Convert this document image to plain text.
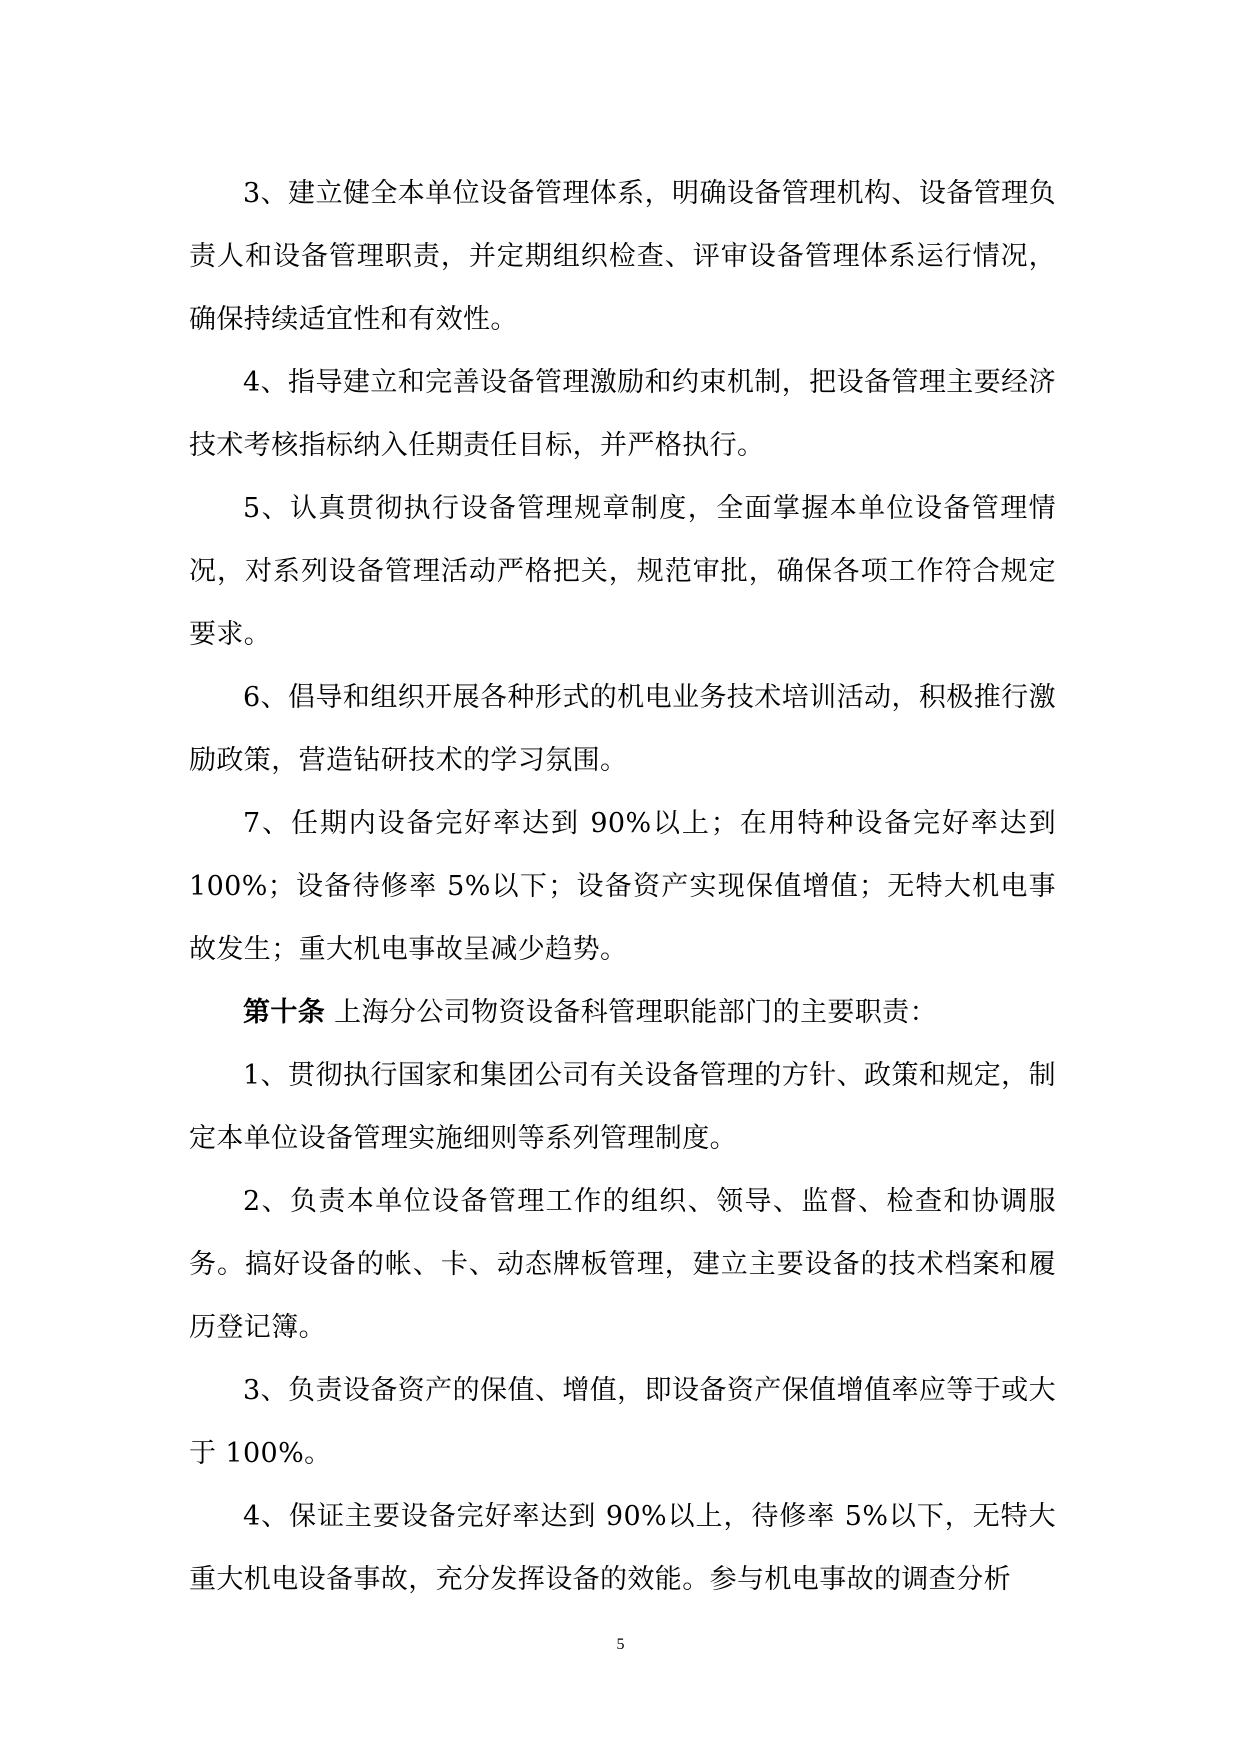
3、建立健全本单位设备管理体系，明确设备管理机构、设备管理负责人和设备管理职责，并定期组织检查、评审设备管理体系运行情况，确保持续适宜性和有效性。

4、指导建立和完善设备管理激励和约束机制，把设备管理主要经济技术考核指标纳入任期责任目标，并严格执行。

5、认真贯彻执行设备管理规章制度，全面掌握本单位设备管理情况，对系列设备管理活动严格把关，规范审批，确保各项工作符合规定要求。

6、倡导和组织开展各种形式的机电业务技术培训活动，积极推行激励政策，营造钻研技术的学习氛围。

7、任期内设备完好率达到 90%以上；在用特种设备完好率达到 100%；设备待修率 5%以下；设备资产实现保值增值；无特大机电事故发生；重大机电事故呈减少趋势。

第十条 上海分公司物资设备科管理职能部门的主要职责：

1、贯彻执行国家和集团公司有关设备管理的方针、政策和规定，制定本单位设备管理实施细则等系列管理制度。

2、负责本单位设备管理工作的组织、领导、监督、检查和协调服务。搞好设备的帐、卡、动态牌板管理，建立主要设备的技术档案和履历登记簿。

3、负责设备资产的保值、增值，即设备资产保值增值率应等于或大于 100%。

4、保证主要设备完好率达到 90%以上，待修率 5%以下，无特大重大机电设备事故，充分发挥设备的效能。参与机电事故的调查分析

5
